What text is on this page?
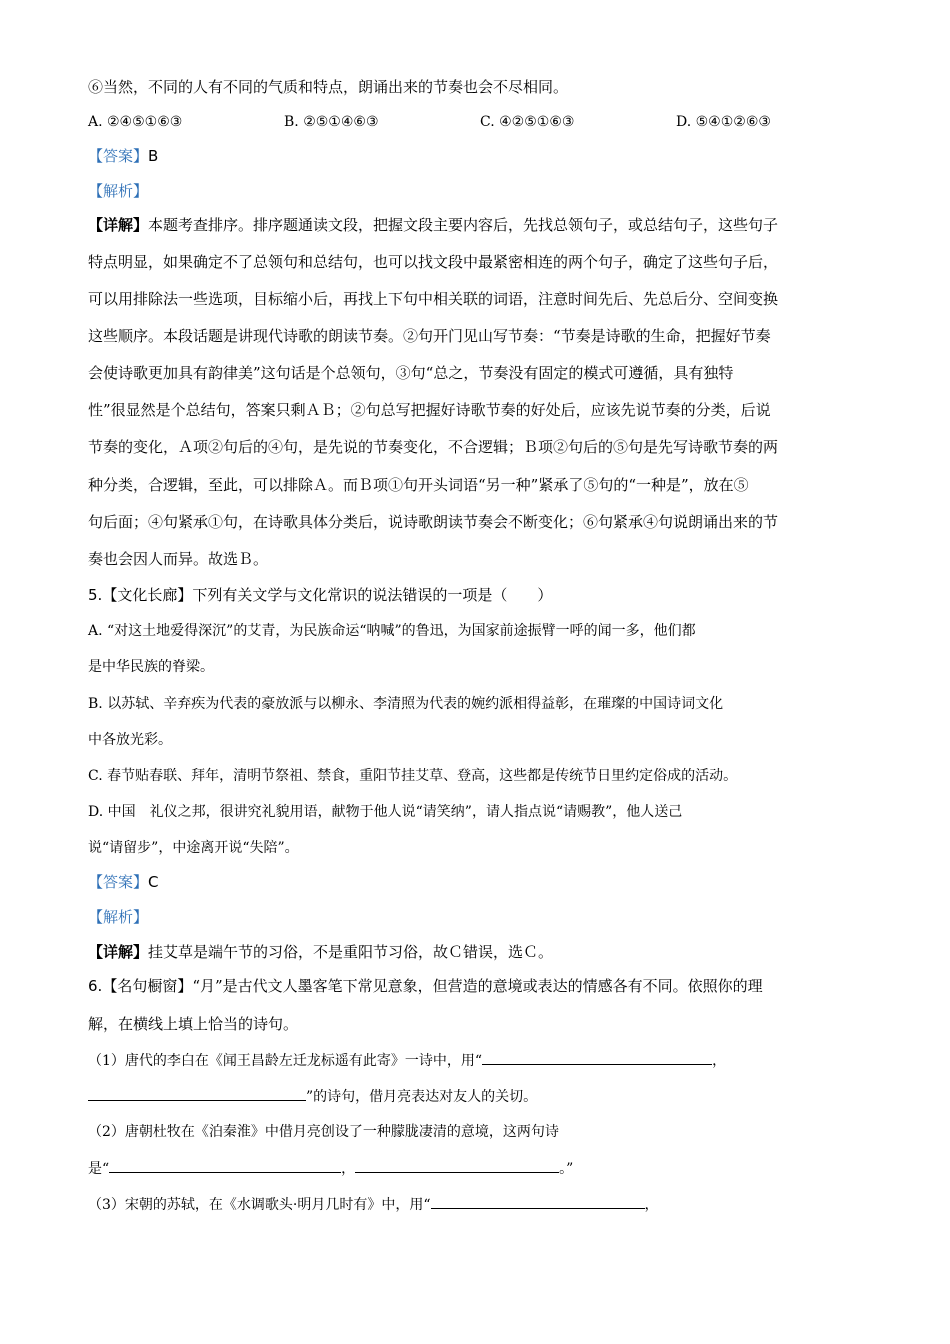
⑥当然，不同的人有不同的气质和特点，朗诵出来的节奏也会不尽相同。
A. ②④⑤①⑥③	B. ②⑤①④⑥③	C. ④②⑤①⑥③	D. ⑤④①②⑥③
【答案】B
【解析】
【详解】本题考查排序。排序题通读文段，把握文段主要内容后，先找总领句子，或总结句子，这些句子
特点明显，如果确定不了总领句和总结句，也可以找文段中最紧密相连的两个句子，确定了这些句子后，
可以用排除法一些选项，目标缩小后，再找上下句中相关联的词语，注意时间先后、先总后分、空间变换
这些顺序。本段话题是讲现代诗歌的朗读节奏。②句开门见山写节奏：“节奏是诗歌的生命，把握好节奏
会使诗歌更加具有韵律美”这句话是个总领句，③句“总之，节奏没有固定的模式可遵循，具有独特
性”很显然是个总结句，答案只剩ＡＢ；②句总写把握好诗歌节奏的好处后，应该先说节奏的分类，后说
节奏的变化，Ａ项②句后的④句，是先说的节奏变化，不合逻辑；Ｂ项②句后的⑤句是先写诗歌节奏的两
种分类，合逻辑，至此，可以排除Ａ。而Ｂ项①句开头词语“另一种”紧承了⑤句的“一种是”，放在⑤
句后面；④句紧承①句，在诗歌具体分类后，说诗歌朗读节奏会不断变化；⑥句紧承④句说朗诵出来的节
奏也会因人而异。故选Ｂ。
5.【文化长廊】下列有关文学与文化常识的说法错误的一项是（　　）
A. “对这土地爱得深沉”的艾青，为民族命运“呐喊”的鲁迅，为国家前途振臂一呼的闻一多，他们都
是中华民族的脊梁。
B. 以苏轼、辛弃疾为代表的豪放派与以柳永、李清照为代表的婉约派相得益彰，在璀璨的中国诗词文化
中各放光彩。
C. 春节贴春联、拜年，清明节祭祖、禁食，重阳节挂艾草、登高，这些都是传统节日里约定俗成的活动。
D. 中国　礼仪之邦，很讲究礼貌用语，献物于他人说“请笑纳”，请人指点说“请赐教”，他人送己
说“请留步”，中途离开说“失陪”。
【答案】C
【解析】
【详解】挂艾草是端午节的习俗，不是重阳节习俗，故Ｃ错误，选Ｃ。
6.【名句橱窗】“月”是古代文人墨客笔下常见意象，但营造的意境或表达的情感各有不同。依照你的理
解，在横线上填上恰当的诗句。
（1）唐代的李白在《闻王昌龄左迁龙标遥有此寄》一诗中，用“	，
”的诗句，借月亮表达对友人的关切。
（2）唐朝杜牧在《泊秦淮》中借月亮创设了一种朦胧凄清的意境，这两句诗
是“	，	。”
（3）宋朝的苏轼，在《水调歌头·明月几时有》中，用“	，
